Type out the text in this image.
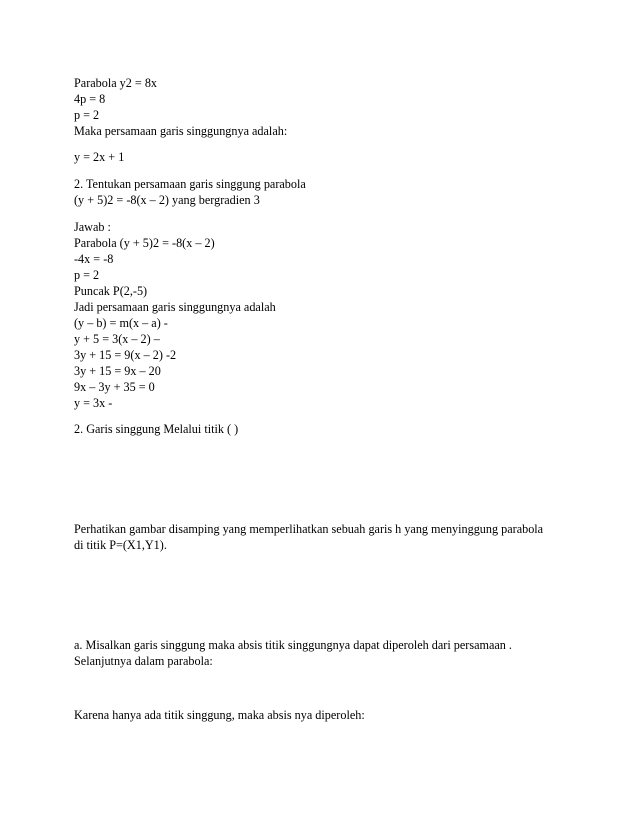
Parabola y2 = 8x
4p = 8
p = 2
Maka persamaan garis singgungnya adalah:
y = 2x + 1
2. Tentukan persamaan garis singgung parabola
(y + 5)2 = -8(x – 2) yang bergradien 3
Jawab :
Parabola (y + 5)2 = -8(x – 2)
-4x = -8
p = 2
Puncak P(2,-5)
Jadi persamaan garis singgungnya adalah
(y – b) = m(x – a) -
y + 5 = 3(x – 2) –
3y + 15 = 9(x – 2) -2
3y + 15 = 9x – 20
9x – 3y + 35 = 0
y = 3x -
2. Garis singgung Melalui titik ( )
Perhatikan gambar disamping yang memperlihatkan sebuah garis h yang menyinggung parabola
di titik P=(X1,Y1).
a. Misalkan garis singgung maka absis titik singgungnya dapat diperoleh dari persamaan .
Selanjutnya dalam parabola:
Karena hanya ada titik singgung, maka absis nya diperoleh:
